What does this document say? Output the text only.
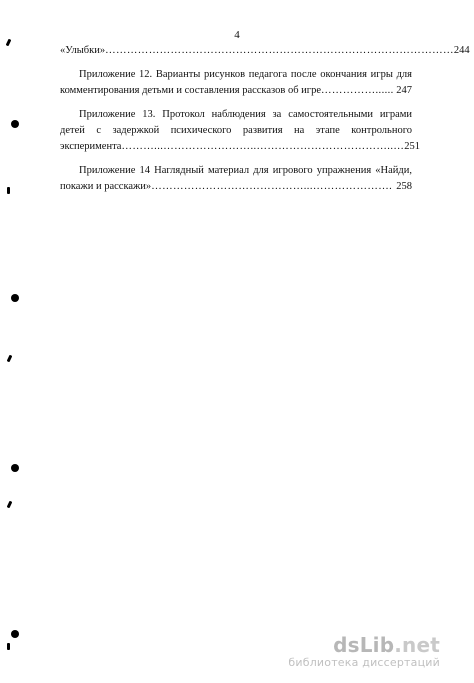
4
«Улыбки» …………………………………………………………………………………… 244
Приложение 12. Варианты рисунков педагога после окончания игры для
комментирования детьми и составления рассказов об игре ……………...... 247
Приложение 13. Протокол наблюдения за самостоятельными играми
детей с задержкой психического развития на этапе контрольного
эксперимента ………...……………………..………………………………..… 251
Приложение 14 Наглядный материал для игрового упражнения «Найди,
покажи и расскажи» ……………………………………...…………………. 258
dsLib.net
библиотека диссертаций
